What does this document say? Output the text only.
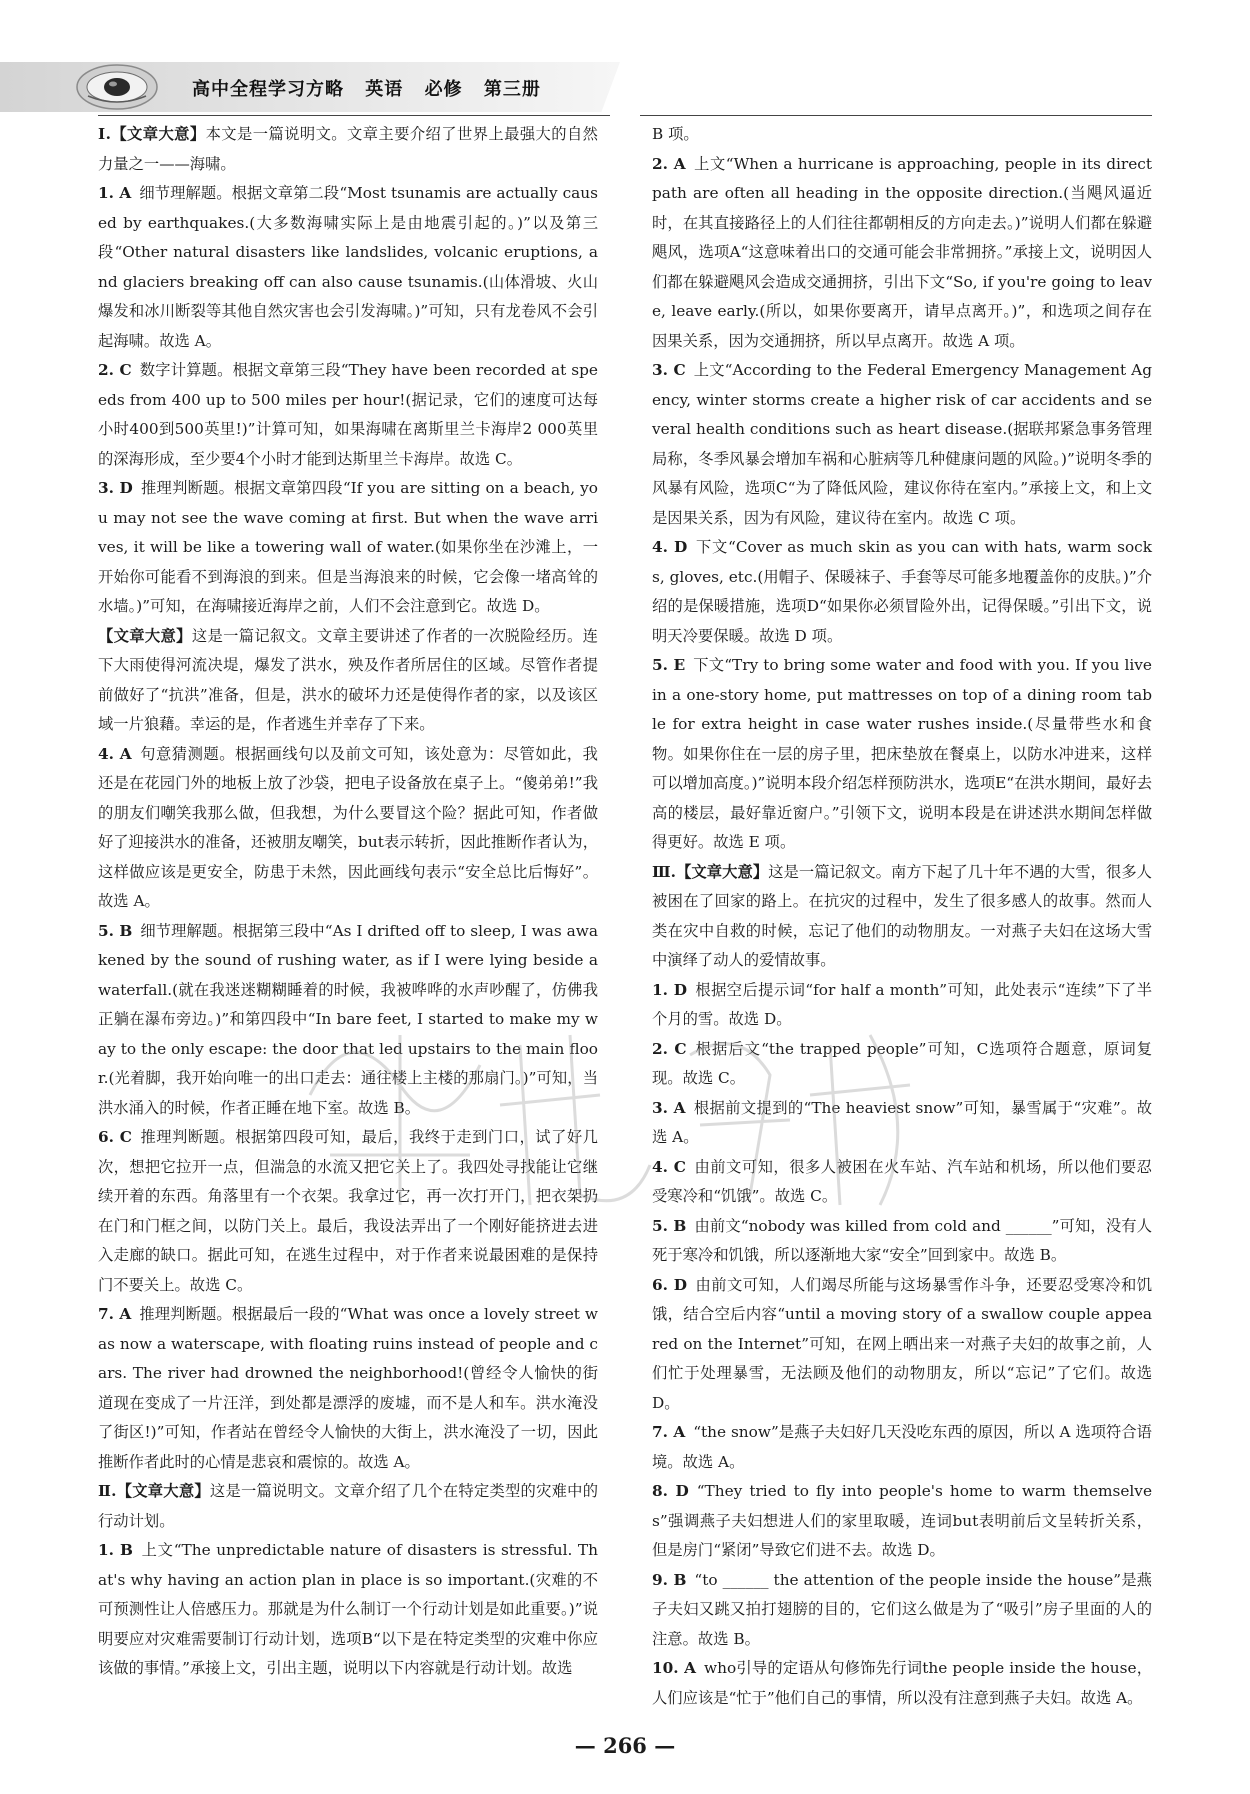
高中全程学习方略 英语 必修 第三册

Ⅰ.【文章大意】本文是一篇说明文。文章主要介绍了世界上最强大的自然力量之一——海啸。

1. A 细节理解题。根据文章第二段“Most tsunamis are actually caused by earthquakes.(大多数海啸实际上是由地震引起的。)”以及第三段“Other natural disasters like landslides, volcanic eruptions, and glaciers breaking off can also cause tsunamis.(山体滑坡、火山爆发和冰川断裂等其他自然灾害也会引发海啸。)”可知，只有龙卷风不会引起海啸。故选 A。

2. C 数字计算题。根据文章第三段“They have been recorded at speeds from 400 up to 500 miles per hour!(据记录，它们的速度可达每小时400到500英里!)”计算可知，如果海啸在离斯里兰卡海岸2 000英里的深海形成，至少要4个小时才能到达斯里兰卡海岸。故选 C。

3. D 推理判断题。根据文章第四段“If you are sitting on a beach, you may not see the wave coming at first. But when the wave arrives, it will be like a towering wall of water.(如果你坐在沙滩上，一开始你可能看不到海浪的到来。但是当海浪来的时候，它会像一堵高耸的水墙。)”可知，在海啸接近海岸之前，人们不会注意到它。故选 D。

【文章大意】这是一篇记叙文。文章主要讲述了作者的一次脱险经历。连下大雨使得河流决堤，爆发了洪水，殃及作者所居住的区域。尽管作者提前做好了“抗洪”准备，但是，洪水的破坏力还是使得作者的家，以及该区域一片狼藉。幸运的是，作者逃生并幸存了下来。

4. A 句意猜测题。根据画线句以及前文可知，该处意为：尽管如此，我还是在花园门外的地板上放了沙袋，把电子设备放在桌子上。“傻弟弟!”我的朋友们嘲笑我那么做，但我想，为什么要冒这个险？据此可知，作者做好了迎接洪水的准备，还被朋友嘲笑，but表示转折，因此推断作者认为，这样做应该是更安全，防患于未然，因此画线句表示“安全总比后悔好”。故选 A。

5. B 细节理解题。根据第三段中“As I drifted off to sleep, I was awakened by the sound of rushing water, as if I were lying beside a waterfall.(就在我迷迷糊糊睡着的时候，我被哗哗的水声吵醒了，仿佛我正躺在瀑布旁边。)”和第四段中“In bare feet, I started to make my way to the only escape: the door that led upstairs to the main floor.(光着脚，我开始向唯一的出口走去：通往楼上主楼的那扇门。)”可知，当洪水涌入的时候，作者正睡在地下室。故选 B。

6. C 推理判断题。根据第四段可知，最后，我终于走到门口，试了好几次，想把它拉开一点，但湍急的水流又把它关上了。我四处寻找能让它继续开着的东西。角落里有一个衣架。我拿过它，再一次打开门，把衣架扔在门和门框之间，以防门关上。最后，我设法弄出了一个刚好能挤进去进入走廊的缺口。据此可知，在逃生过程中，对于作者来说最困难的是保持门不要关上。故选 C。

7. A 推理判断题。根据最后一段的“What was once a lovely street was now a waterscape, with floating ruins instead of people and cars. The river had drowned the neighborhood!(曾经令人愉快的街道现在变成了一片汪洋，到处都是漂浮的废墟，而不是人和车。洪水淹没了街区!)”可知，作者站在曾经令人愉快的大街上，洪水淹没了一切，因此推断作者此时的心情是悲哀和震惊的。故选 A。

Ⅱ.【文章大意】这是一篇说明文。文章介绍了几个在特定类型的灾难中的行动计划。

1. B 上文“The unpredictable nature of disasters is stressful. That's why having an action plan in place is so important.(灾难的不可预测性让人倍感压力。那就是为什么制订一个行动计划是如此重要。)”说明要应对灾难需要制订行动计划，选项B“以下是在特定类型的灾难中你应该做的事情。”承接上文，引出主题，说明以下内容就是行动计划。故选

B 项。

2. A 上文“When a hurricane is approaching, people in its direct path are often all heading in the opposite direction.(当飓风逼近时，在其直接路径上的人们往往都朝相反的方向走去。)”说明人们都在躲避飓风，选项A“这意味着出口的交通可能会非常拥挤。”承接上文，说明因人们都在躲避飓风会造成交通拥挤，引出下文“So, if you're going to leave, leave early.(所以，如果你要离开，请早点离开。)”，和选项之间存在因果关系，因为交通拥挤，所以早点离开。故选 A 项。

3. C 上文“According to the Federal Emergency Management Agency, winter storms create a higher risk of car accidents and several health conditions such as heart disease.(据联邦紧急事务管理局称，冬季风暴会增加车祸和心脏病等几种健康问题的风险。)”说明冬季的风暴有风险，选项C“为了降低风险，建议你待在室内。”承接上文，和上文是因果关系，因为有风险，建议待在室内。故选 C 项。

4. D 下文“Cover as much skin as you can with hats, warm socks, gloves, etc.(用帽子、保暖袜子、手套等尽可能多地覆盖你的皮肤。)”介绍的是保暖措施，选项D“如果你必须冒险外出，记得保暖。”引出下文，说明天冷要保暖。故选 D 项。

5. E 下文“Try to bring some water and food with you. If you live in a one-story home, put mattresses on top of a dining room table for extra height in case water rushes inside.(尽量带些水和食物。如果你住在一层的房子里，把床垫放在餐桌上，以防水冲进来，这样可以增加高度。)”说明本段介绍怎样预防洪水，选项E“在洪水期间，最好去高的楼层，最好靠近窗户。”引领下文，说明本段是在讲述洪水期间怎样做得更好。故选 E 项。

Ⅲ.【文章大意】这是一篇记叙文。南方下起了几十年不遇的大雪，很多人被困在了回家的路上。在抗灾的过程中，发生了很多感人的故事。然而人类在灾中自救的时候，忘记了他们的动物朋友。一对燕子夫妇在这场大雪中演绎了动人的爱情故事。

1. D 根据空后提示词“for half a month”可知，此处表示“连续”下了半个月的雪。故选 D。

2. C 根据后文“the trapped people”可知，C选项符合题意，原词复现。故选 C。

3. A 根据前文提到的“The heaviest snow”可知，暴雪属于“灾难”。故选 A。

4. C 由前文可知，很多人被困在火车站、汽车站和机场，所以他们要忍受寒冷和“饥饿”。故选 C。

5. B 由前文“nobody was killed from cold and ______”可知，没有人死于寒冷和饥饿，所以逐渐地大家“安全”回到家中。故选 B。

6. D 由前文可知，人们竭尽所能与这场暴雪作斗争，还要忍受寒冷和饥饿，结合空后内容“until a moving story of a swallow couple appeared on the Internet”可知，在网上晒出来一对燕子夫妇的故事之前，人们忙于处理暴雪，无法顾及他们的动物朋友，所以“忘记”了它们。故选 D。

7. A “the snow”是燕子夫妇好几天没吃东西的原因，所以 A 选项符合语境。故选 A。

8. D “They tried to fly into people's home to warm themselves”强调燕子夫妇想进人们的家里取暖，连词but表明前后文呈转折关系，但是房门“紧闭”导致它们进不去。故选 D。

9. B “to ______ the attention of the people inside the house”是燕子夫妇又跳又拍打翅膀的目的，它们这么做是为了“吸引”房子里面的人的注意。故选 B。

10. A who引导的定语从句修饰先行词the people inside the house，人们应该是“忙于”他们自己的事情，所以没有注意到燕子夫妇。故选 A。

— 266 —
